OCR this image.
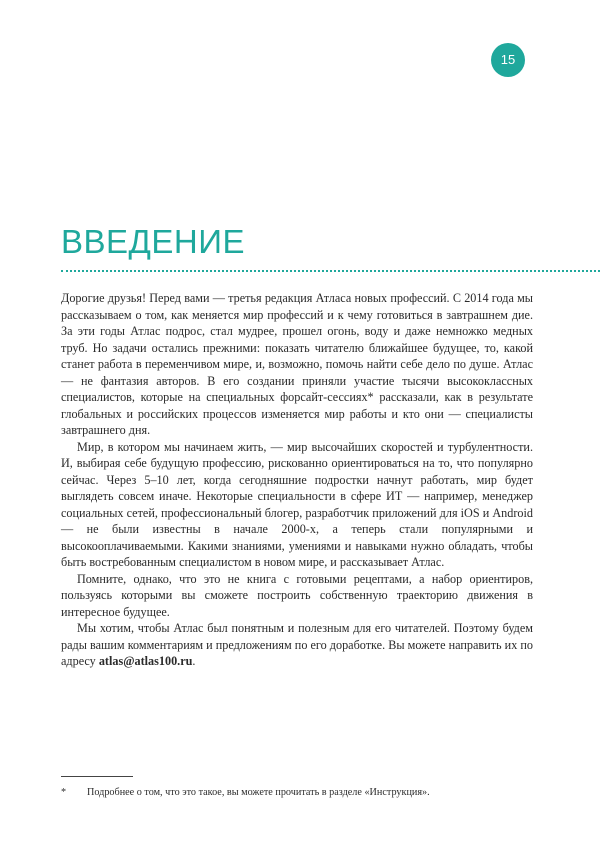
15
ВВЕДЕНИЕ

Дорогие друзья! Перед вами — третья редакция Атласа новых профессий. С 2014 года мы рассказываем о том, как меняется мир профессий и к чему готовиться в завтрашнем дие. За эти годы Атлас подрос, стал мудрее, прошел огонь, воду и даже немножко медных труб. Но задачи остались прежними: показать читателю ближайшее будущее, то, какой станет работа в переменчивом мире, и, возможно, помочь найти себе дело по душе. Атлас — не фантазия авторов. В его создании приняли участие тысячи высококлассных специалистов, которые на специальных форсайт-сессиях* рассказали, как в результате глобальных и российских процессов изменяется мир работы и кто они — специалисты завтрашнего дня.

Мир, в котором мы начинаем жить, — мир высочайших скоростей и турбулентности. И, выбирая себе будущую профессию, рискованно ориентироваться на то, что популярно сейчас. Через 5–10 лет, когда сегодняшние подростки начнут работать, мир будет выглядеть совсем иначе. Некоторые специальности в сфере ИТ — например, менеджер социальных сетей, профессиональный блогер, разработчик приложений для iOS и Android — не были известны в начале 2000-х, а теперь стали популярными и высокооплачиваемыми. Какими знаниями, умениями и навыками нужно обладать, чтобы быть востребованным специалистом в новом мире, и рассказывает Атлас.

Помните, однако, что это не книга с готовыми рецептами, а набор ориентиров, пользуясь которыми вы сможете построить собственную траекторию движения в интересное будущее.

Мы хотим, чтобы Атлас был понятным и полезным для его читателей. Поэтому будем рады вашим комментариям и предложениям по его доработке. Вы можете направить их по адресу atlas@atlas100.ru.

* Подробнее о том, что это такое, вы можете прочитать в разделе «Инструкция».
